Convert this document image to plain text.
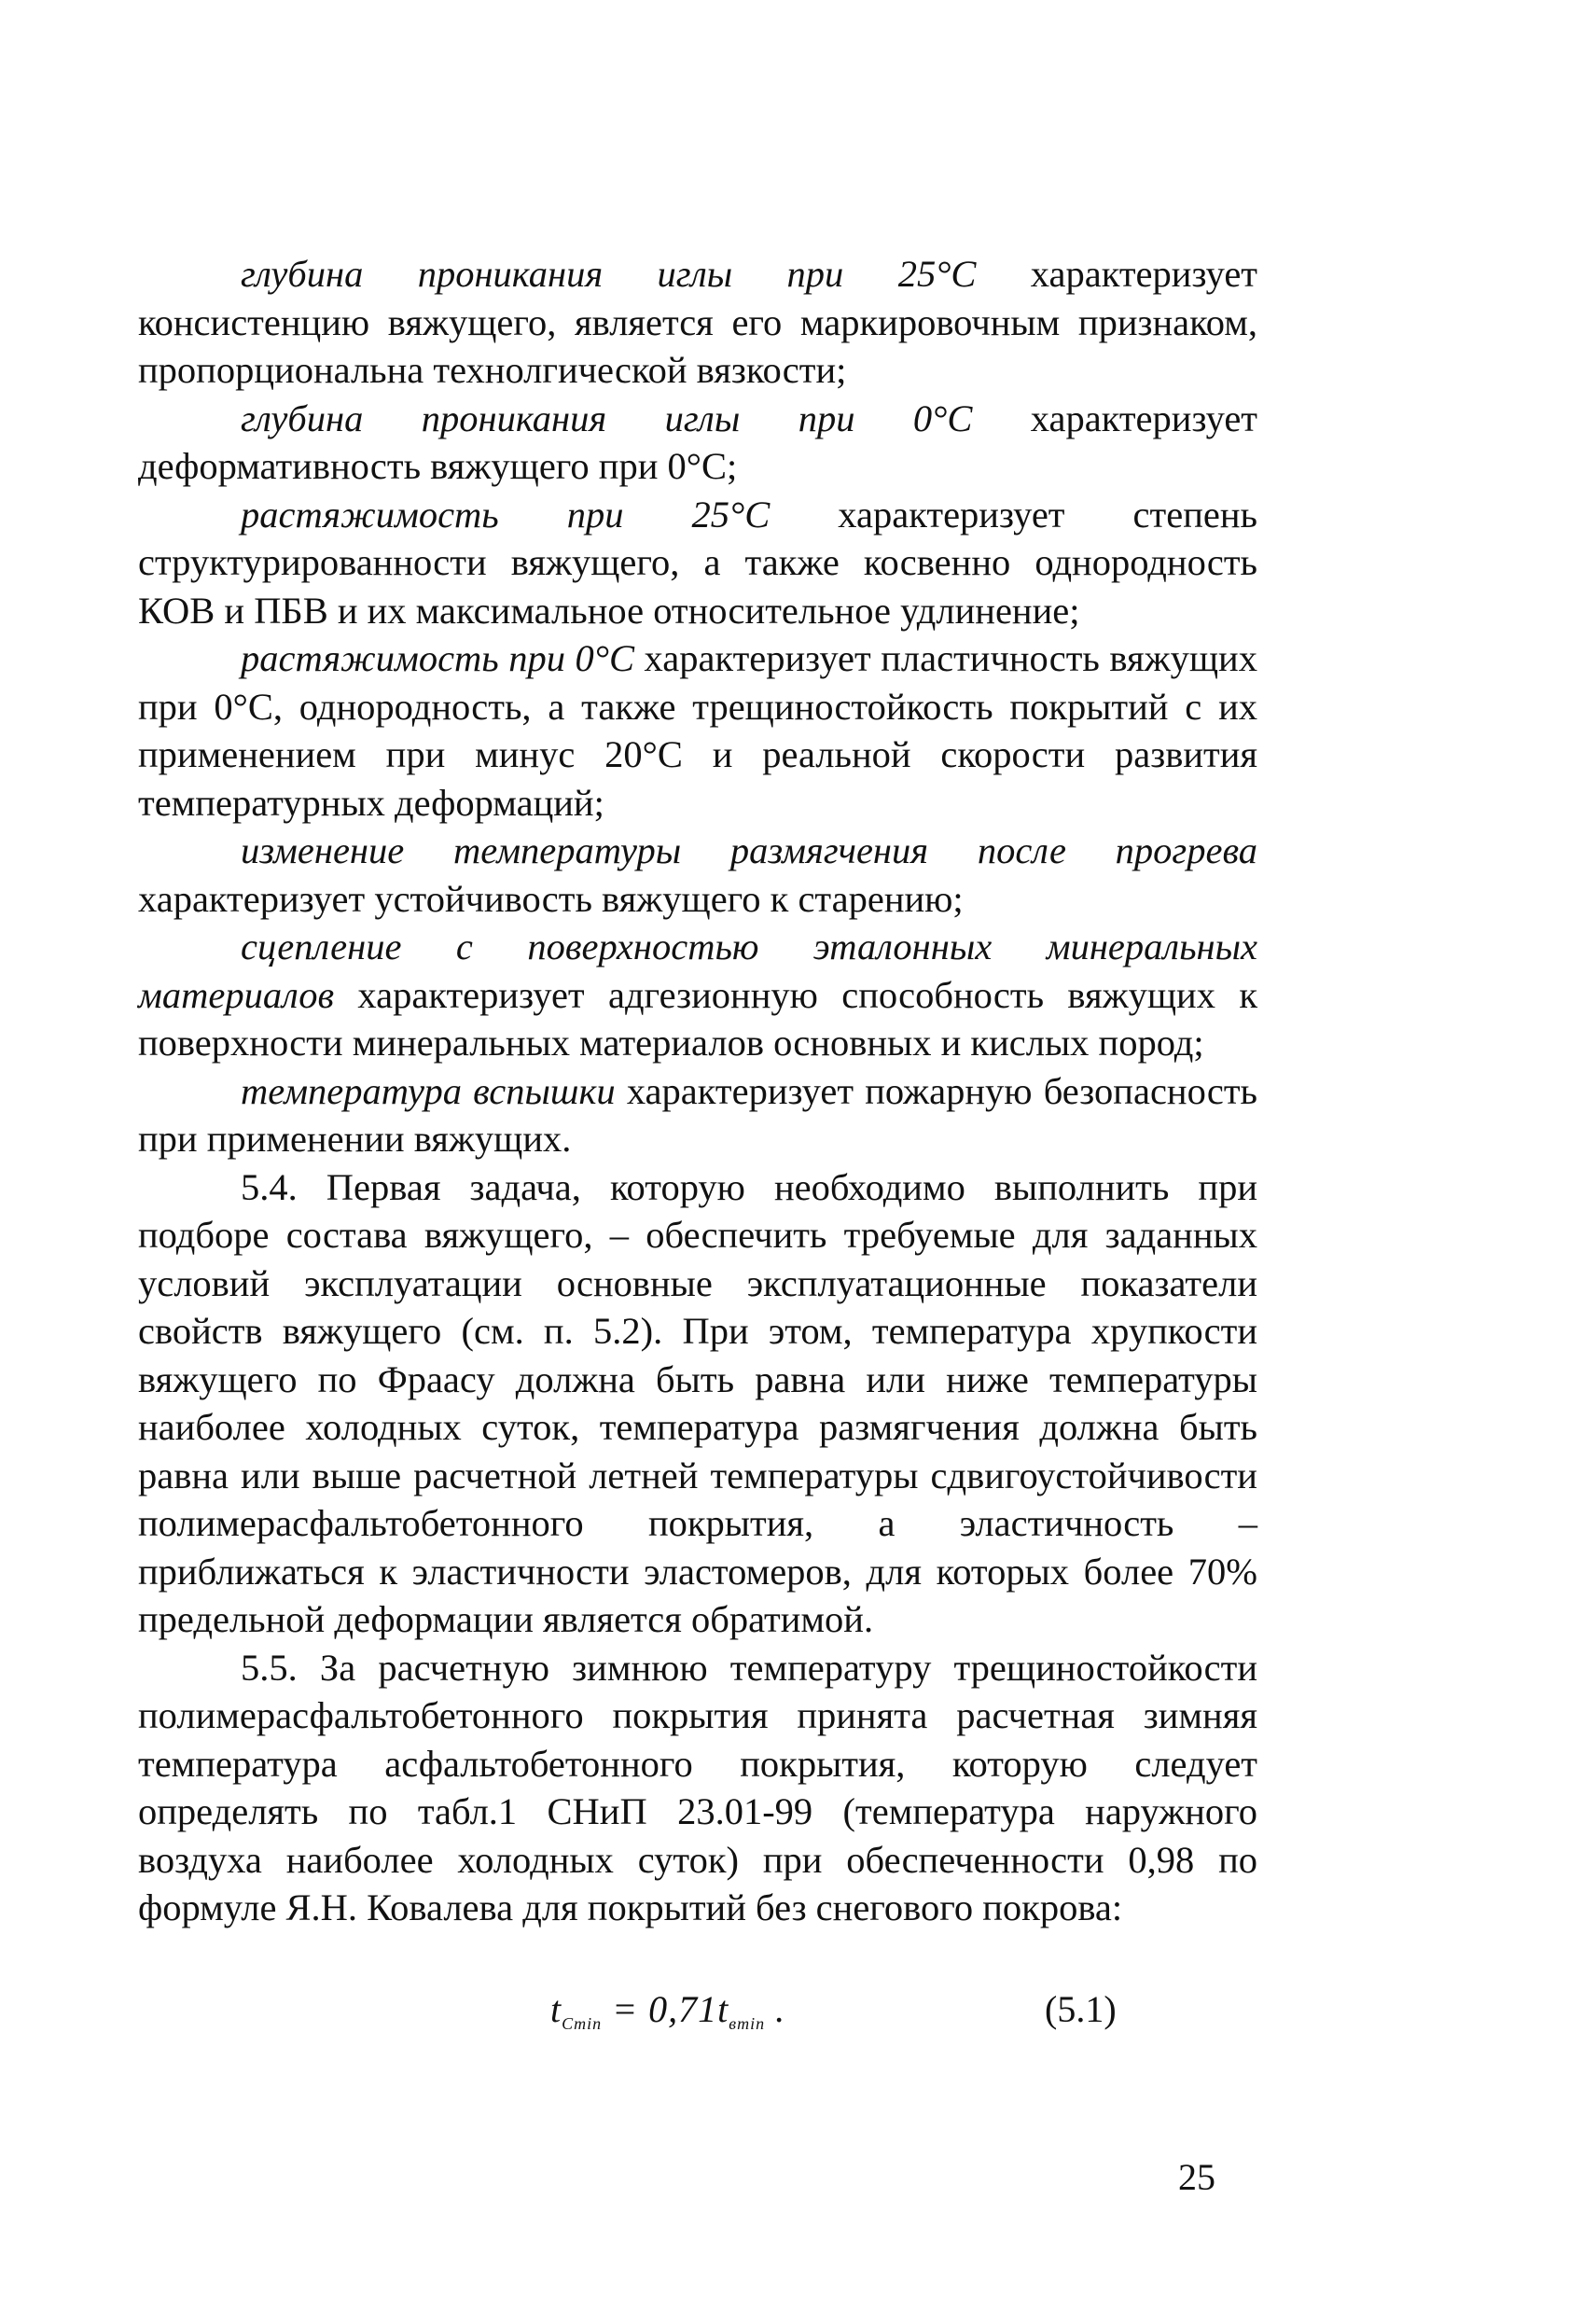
глубина проникания иглы при 25°С характеризует консистенцию вяжущего, является его маркировочным признаком, пропорциональна технолгической вязкости;

глубина проникания иглы при 0°С характеризует деформативность вяжущего при 0°С;

растяжимость при 25°С характеризует степень структурированности вяжущего, а также косвенно однородность КОВ и ПБВ и их максимальное относительное удлинение;

растяжимость при 0°С характеризует пластичность вяжущих при 0°С, однородность, а также трещиностойкость покрытий с их применением при минус 20°С и реальной скорости развития температурных деформаций;

изменение температуры размягчения после прогрева характеризует устойчивость вяжущего к старению;

сцепление с поверхностью эталонных минеральных материалов характеризует адгезионную способность вяжущих к поверхности минеральных материалов основных и кислых пород;

температура вспышки характеризует пожарную безопасность при применении вяжущих.

5.4. Первая задача, которую необходимо выполнить при подборе состава вяжущего, – обеспечить требуемые для заданных условий эксплуатации основные эксплуатационные показатели свойств вяжущего (см. п. 5.2). При этом, температура хрупкости вяжущего по Фраасу должна быть равна или ниже температуры наиболее холодных суток, температура размягчения должна быть равна или выше расчетной летней температуры сдвигоустойчивости полимерасфальтобетонного покрытия, а эластичность – приближаться к эластичности эластомеров, для которых более 70% предельной деформации является обратимой.

5.5. За расчетную зимнюю температуру трещиностойкости полимерасфальтобетонного покрытия принята расчетная зимняя температура асфальтобетонного покрытия, которую следует определять по табл.1 СНиП 23.01-99 (температура наружного воздуха наиболее холодных суток) при обеспеченности 0,98 по формуле Я.Н. Ковалева для покрытий без снегового покрова:

$t_{Cmin} = 0,71t_{вmin}$ .	(5.1)
25
